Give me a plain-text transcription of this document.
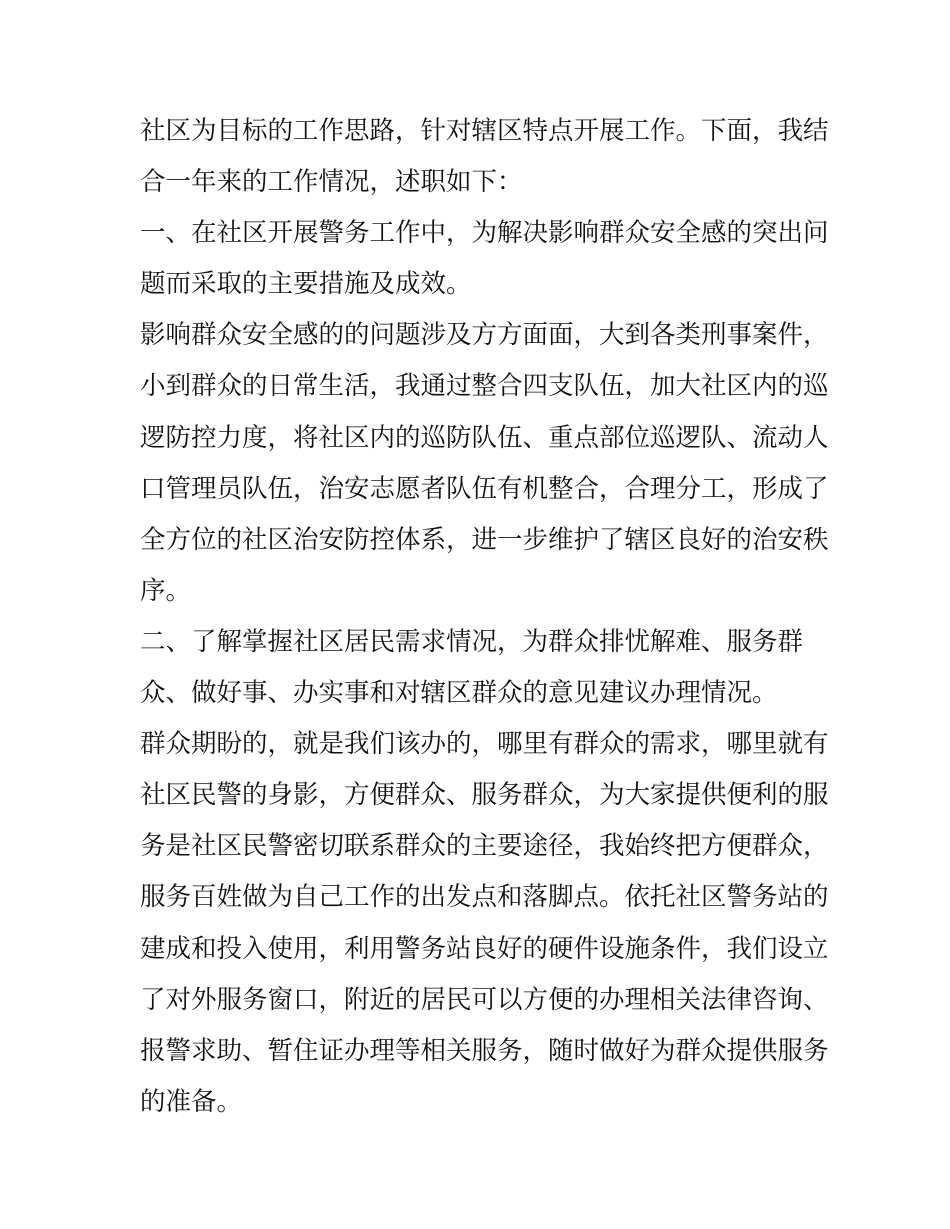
社区为目标的工作思路，针对辖区特点开展工作。下面，我结
合一年来的工作情况，述职如下：
一、在社区开展警务工作中，为解决影响群众安全感的突出问
题而采取的主要措施及成效。
影响群众安全感的的问题涉及方方面面，大到各类刑事案件，
小到群众的日常生活，我通过整合四支队伍，加大社区内的巡
逻防控力度，将社区内的巡防队伍、重点部位巡逻队、流动人
口管理员队伍，治安志愿者队伍有机整合，合理分工，形成了
全方位的社区治安防控体系，进一步维护了辖区良好的治安秩
序。
二、了解掌握社区居民需求情况，为群众排忧解难、服务群
众、做好事、办实事和对辖区群众的意见建议办理情况。
群众期盼的，就是我们该办的，哪里有群众的需求，哪里就有
社区民警的身影，方便群众、服务群众，为大家提供便利的服
务是社区民警密切联系群众的主要途径，我始终把方便群众，
服务百姓做为自己工作的出发点和落脚点。依托社区警务站的
建成和投入使用，利用警务站良好的硬件设施条件，我们设立
了对外服务窗口，附近的居民可以方便的办理相关法律咨询、
报警求助、暂住证办理等相关服务，随时做好为群众提供服务
的准备。
